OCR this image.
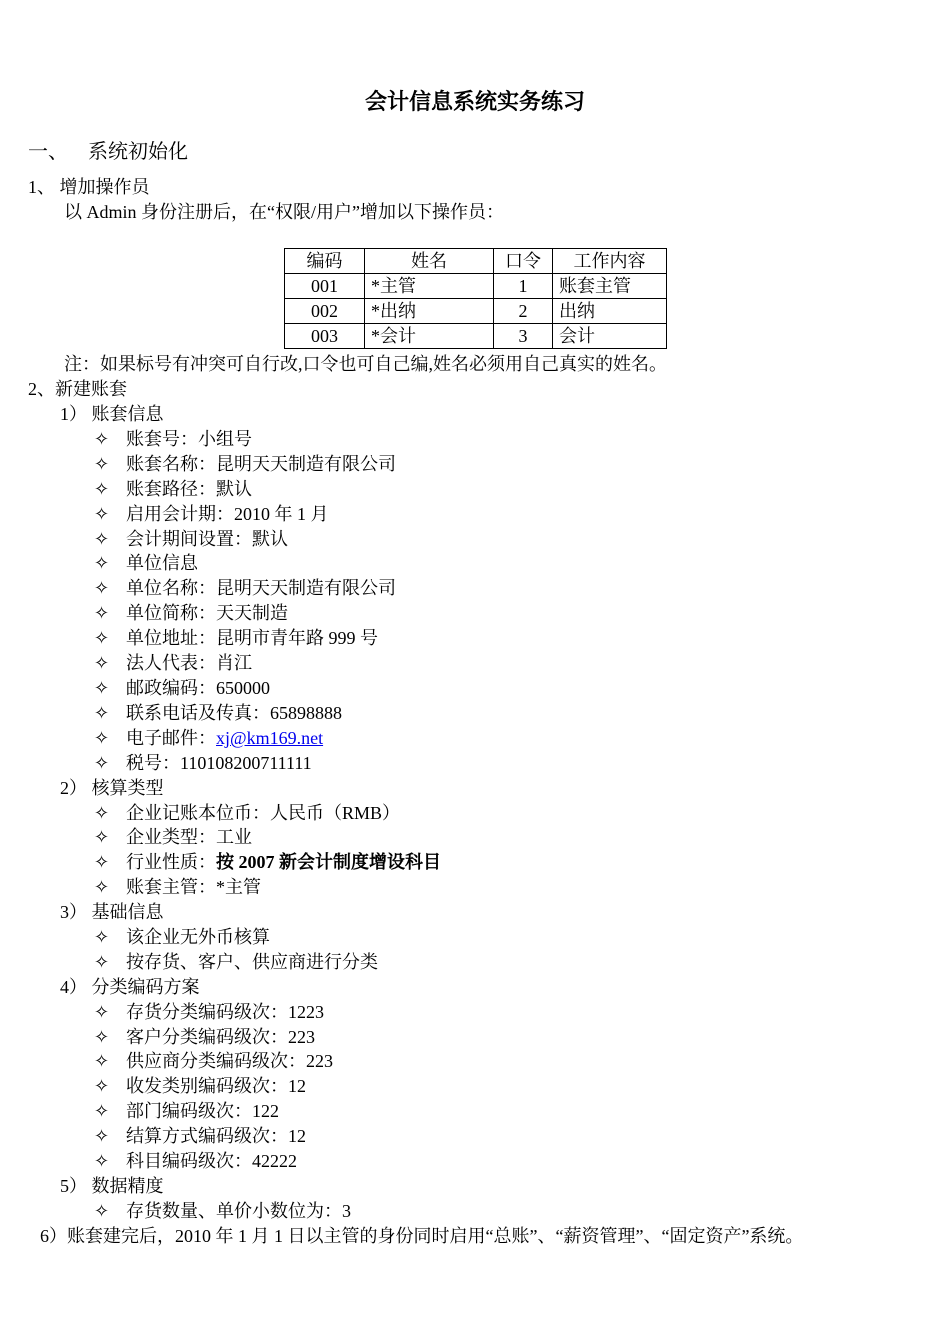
会计信息系统实务练习
一、 系统初始化
1、 增加操作员
以 Admin 身份注册后，在“权限/用户”增加以下操作员：
编码	姓名	口令	工作内容
001	*主管	1	账套主管
002	*出纳	2	出纳
003	*会计	3	会计
注：如果标号有冲突可自行改,口令也可自己编,姓名必须用自己真实的姓名。
2、新建账套
1） 账套信息
✧ 账套号：小组号
✧ 账套名称：昆明天天制造有限公司
✧ 账套路径：默认
✧ 启用会计期：2010 年 1 月
✧ 会计期间设置：默认
✧ 单位信息
✧ 单位名称：昆明天天制造有限公司
✧ 单位简称：天天制造
✧ 单位地址：昆明市青年路 999 号
✧ 法人代表：肖江
✧ 邮政编码：650000
✧ 联系电话及传真：65898888
✧ 电子邮件：xj@km169.net
✧ 税号：110108200711111
2） 核算类型
✧ 企业记账本位币：人民币（RMB）
✧ 企业类型：工业
✧ 行业性质：按 2007 新会计制度增设科目
✧ 账套主管：*主管
3） 基础信息
✧ 该企业无外币核算
✧ 按存货、客户、供应商进行分类
4） 分类编码方案
✧ 存货分类编码级次：1223
✧ 客户分类编码级次：223
✧ 供应商分类编码级次：223
✧ 收发类别编码级次：12
✧ 部门编码级次：122
✧ 结算方式编码级次：12
✧ 科目编码级次：42222
5） 数据精度
✧ 存货数量、单价小数位为：3
6）账套建完后，2010 年 1 月 1 日以主管的身份同时启用“总账”、“薪资管理”、“固定资产”系统。
